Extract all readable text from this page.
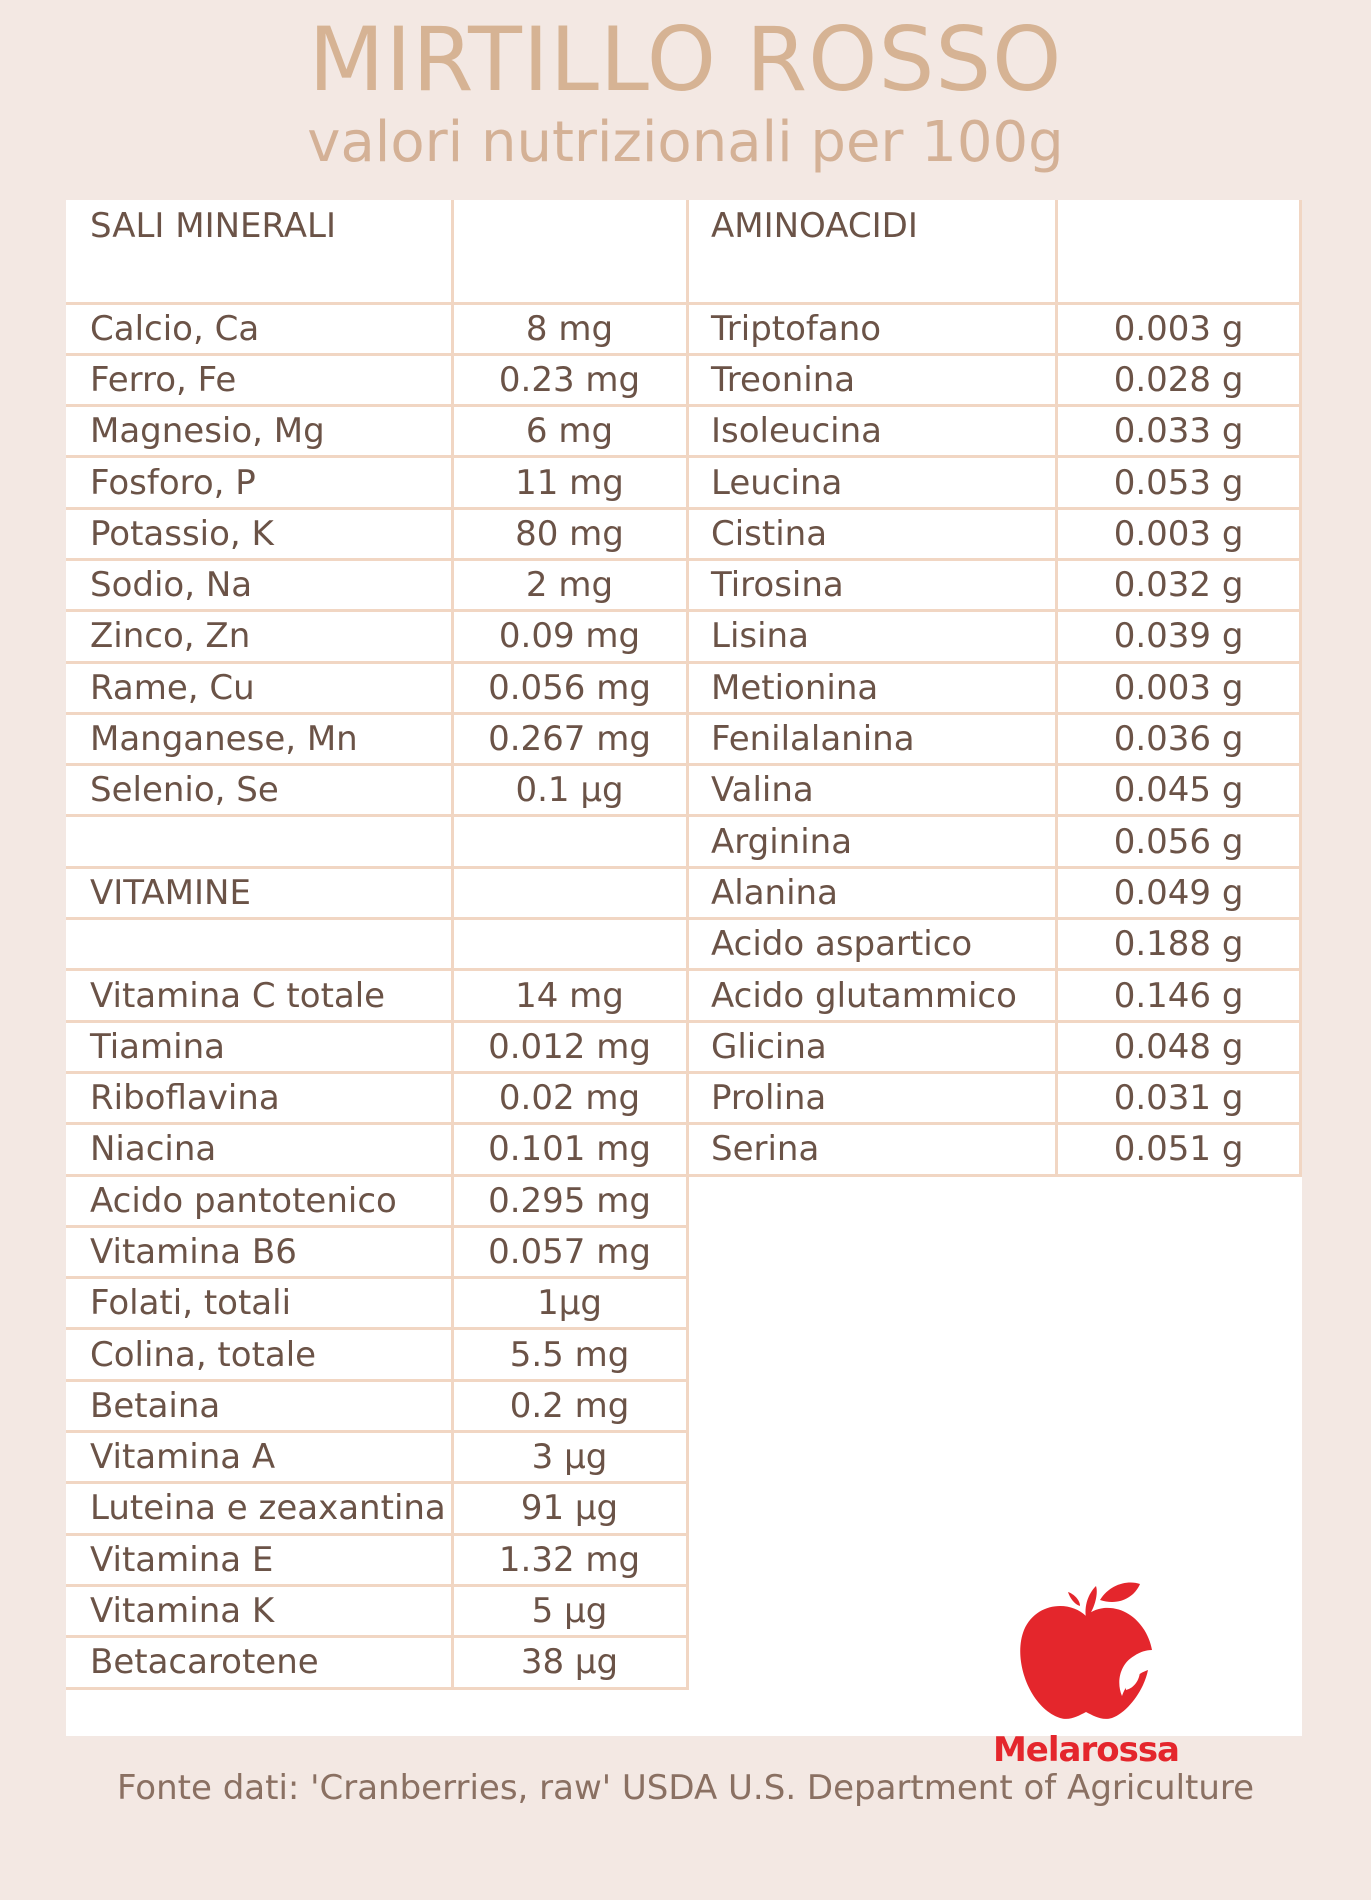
MIRTILLO ROSSO
valori nutrizionali per 100g
SALI MINERALI	
Calcio, Ca	8 mg
Ferro, Fe	0.23 mg
Magnesio, Mg	6 mg
Fosforo, P	11 mg
Potassio, K	80 mg
Sodio, Na	2 mg
Zinco, Zn	0.09 mg
Rame, Cu	0.056 mg
Manganese, Mn	0.267 mg
Selenio, Se	0.1 µg

VITAMINE	

Vitamina C totale	14 mg
Tiamina	0.012 mg
Riboflavina	0.02 mg
Niacina	0.101 mg
Acido pantotenico	0.295 mg
Vitamina B6	0.057 mg
Folati, totali	1µg
Colina, totale	5.5 mg
Betaina	0.2 mg
Vitamina A	3 µg
Luteina e zeaxantina	91 µg
Vitamina E	1.32 mg
Vitamina K	5 µg
Betacarotene	38 µg
AMINOACIDI	
Triptofano	0.003 g
Treonina	0.028 g
Isoleucina	0.033 g
Leucina	0.053 g
Cistina	0.003 g
Tirosina	0.032 g
Lisina	0.039 g
Metionina	0.003 g
Fenilalanina	0.036 g
Valina	0.045 g
Arginina	0.056 g
Alanina	0.049 g
Acido aspartico	0.188 g
Acido glutammico	0.146 g
Glicina	0.048 g
Prolina	0.031 g
Serina	0.051 g
Melarossa
Fonte dati: 'Cranberries, raw' USDA U.S. Department of Agriculture
